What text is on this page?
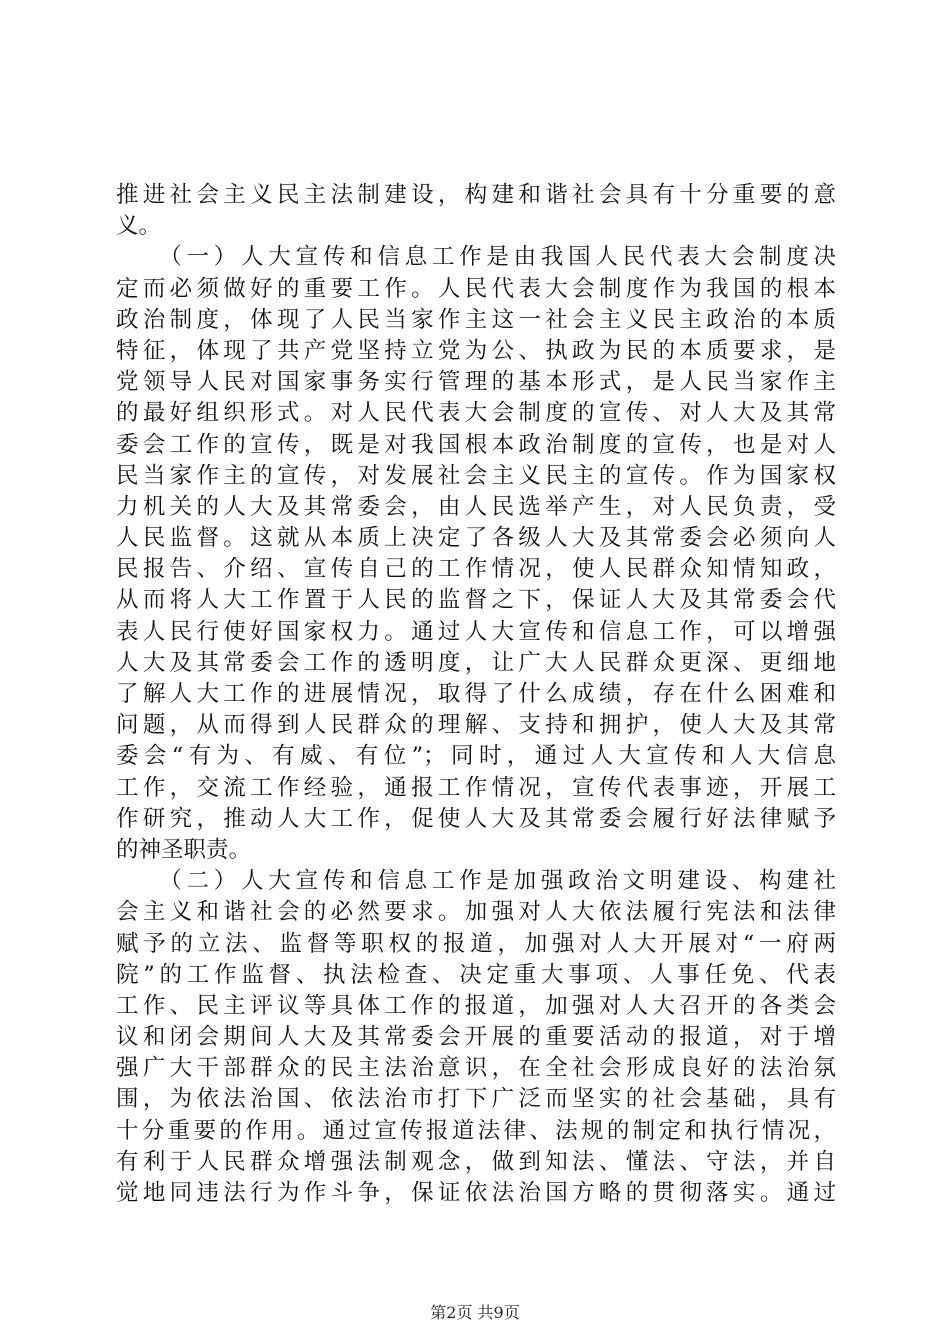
推进社会主义民主法制建设，构建和谐社会具有十分重要的意
义。
　　（一）人大宣传和信息工作是由我国人民代表大会制度决
定而必须做好的重要工作。人民代表大会制度作为我国的根本
政治制度，体现了人民当家作主这一社会主义民主政治的本质
特征，体现了共产党坚持立党为公、执政为民的本质要求，是
党领导人民对国家事务实行管理的基本形式，是人民当家作主
的最好组织形式。对人民代表大会制度的宣传、对人大及其常
委会工作的宣传，既是对我国根本政治制度的宣传，也是对人
民当家作主的宣传，对发展社会主义民主的宣传。作为国家权
力机关的人大及其常委会，由人民选举产生，对人民负责，受
人民监督。这就从本质上决定了各级人大及其常委会必须向人
民报告、介绍、宣传自己的工作情况，使人民群众知情知政，
从而将人大工作置于人民的监督之下，保证人大及其常委会代
表人民行使好国家权力。通过人大宣传和信息工作，可以增强
人大及其常委会工作的透明度，让广大人民群众更深、更细地
了解人大工作的进展情况，取得了什么成绩，存在什么困难和
问题，从而得到人民群众的理解、支持和拥护，使人大及其常
委会“有为、有威、有位”；同时，通过人大宣传和人大信息
工作，交流工作经验，通报工作情况，宣传代表事迹，开展工
作研究，推动人大工作，促使人大及其常委会履行好法律赋予
的神圣职责。
　　（二）人大宣传和信息工作是加强政治文明建设、构建社
会主义和谐社会的必然要求。加强对人大依法履行宪法和法律
赋予的立法、监督等职权的报道，加强对人大开展对“一府两
院”的工作监督、执法检查、决定重大事项、人事任免、代表
工作、民主评议等具体工作的报道，加强对人大召开的各类会
议和闭会期间人大及其常委会开展的重要活动的报道，对于增
强广大干部群众的民主法治意识，在全社会形成良好的法治氛
围，为依法治国、依法治市打下广泛而坚实的社会基础，具有
十分重要的作用。通过宣传报道法律、法规的制定和执行情况，
有利于人民群众增强法制观念，做到知法、懂法、守法，并自
觉地同违法行为作斗争，保证依法治国方略的贯彻落实。通过
第2页 共9页
